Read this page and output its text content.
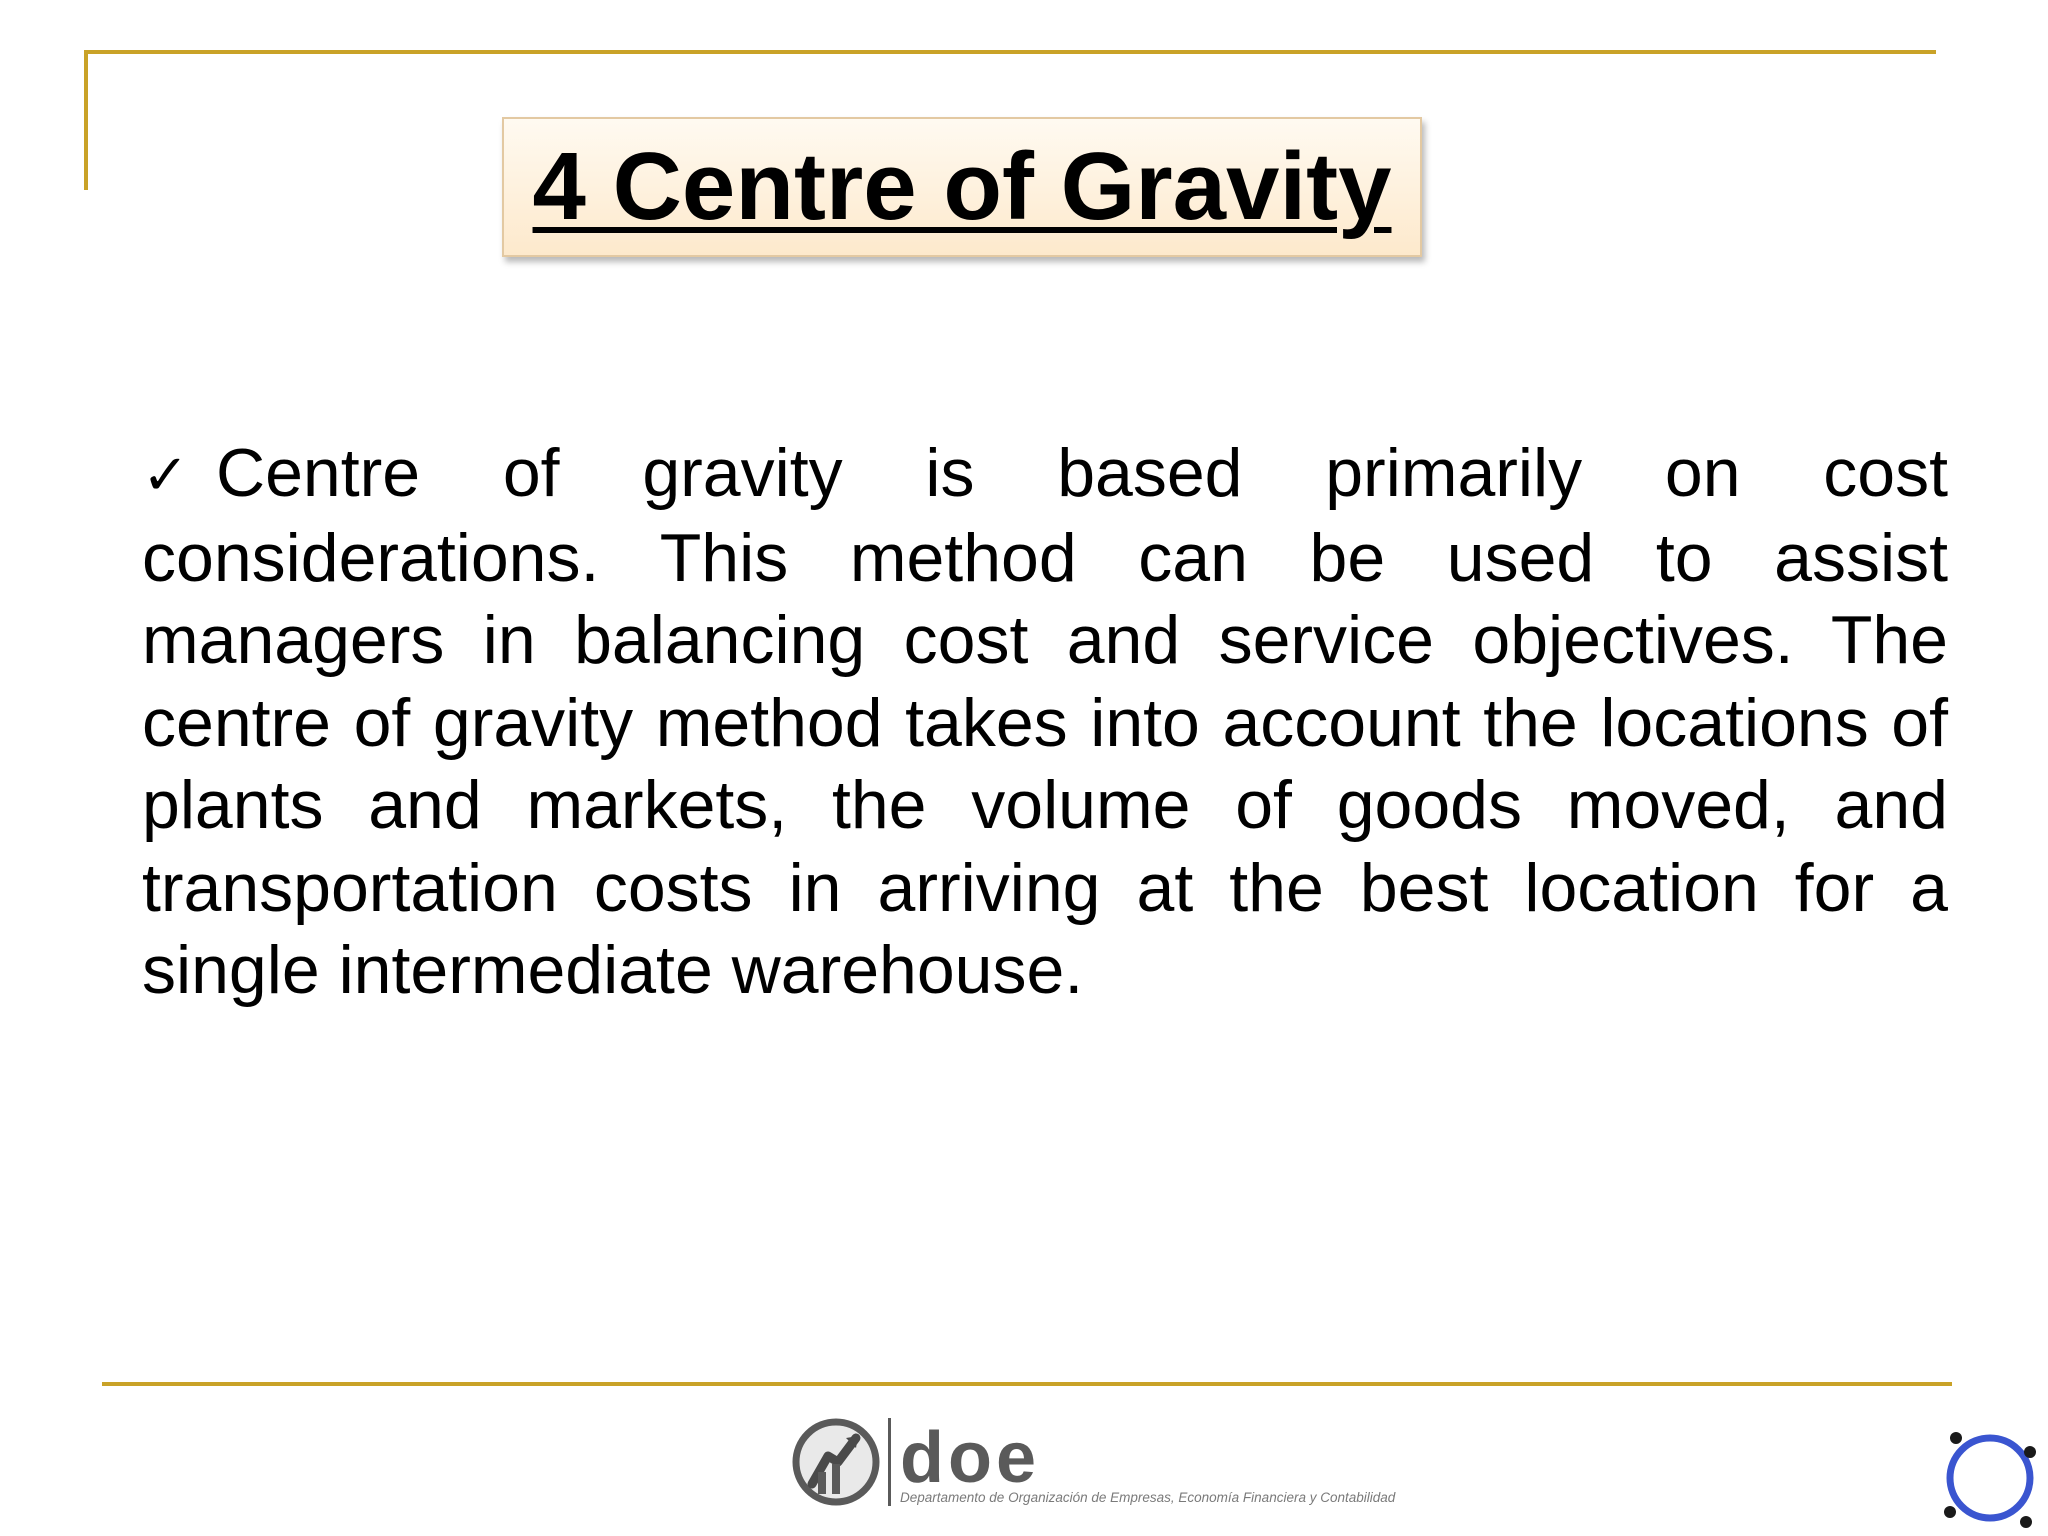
4 Centre of Gravity
✓ Centre of gravity is based primarily on cost considerations. This method can be used to assist managers in balancing cost and service objectives. The centre of gravity method takes into account the locations of plants and markets, the volume of goods moved, and transportation costs in arriving at the best location for a single intermediate warehouse.
doe
Departamento de Organización de Empresas, Economía Financiera y Contabilidad
